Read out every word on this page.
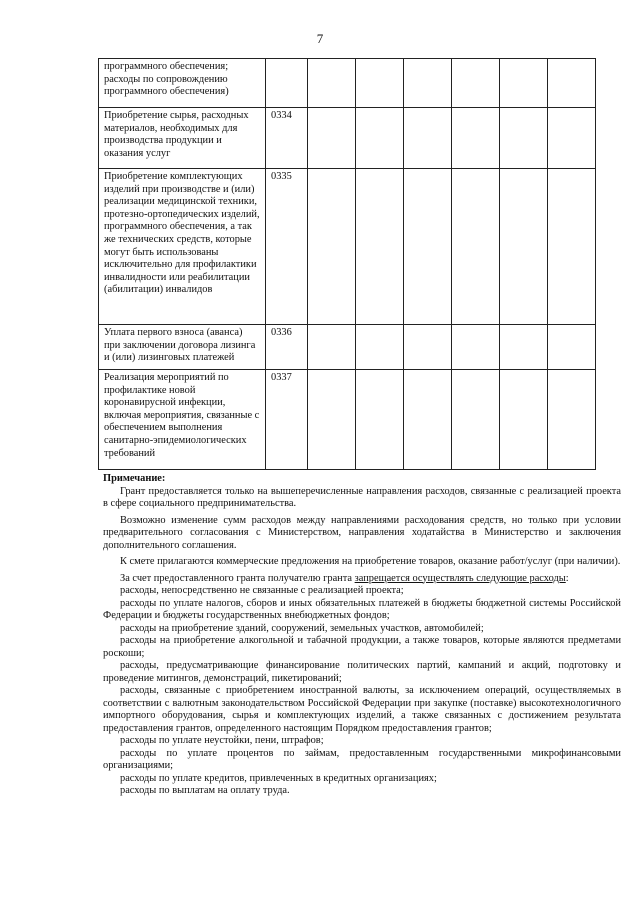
7
программного обеспечения; расходы по сопровождению программного обеспечения)							
Приобретение сырья, расходных материалов, необходимых для производства продукции и оказания услуг	0334						
Приобретение комплектующих изделий при производстве и (или) реализации медицинской техники, протезно-ортопедических изделий, программного обеспечения, а так же технических средств, которые могут быть использованы исключительно для профилактики инвалидности или реабилитации (абилитации) инвалидов	0335						
Уплата первого взноса (аванса) при заключении договора лизинга и (или) лизинговых платежей	0336						
Реализация мероприятий по профилактике новой коронавирусной инфекции, включая мероприятия, связанные с обеспечением выполнения санитарно-эпидемиологических требований	0337						

Примечание:

Грант предоставляется только на вышеперечисленные направления расходов, связанные с реализацией проекта в сфере социального предпринимательства.

Возможно изменение сумм расходов между направлениями расходования средств, но только при условии предварительного согласования с Министерством, направления ходатайства в Министерство и заключения дополнительного соглашения.

К смете прилагаются коммерческие предложения на приобретение товаров, оказание работ/услуг (при наличии).

За счет предоставленного гранта получателю гранта запрещается осуществлять следующие расходы:

расходы, непосредственно не связанные с реализацией проекта;

расходы по уплате налогов, сборов и иных обязательных платежей в бюджеты бюджетной системы Российской Федерации и бюджеты государственных внебюджетных фондов;

расходы на приобретение зданий, сооружений, земельных участков, автомобилей;

расходы на приобретение алкогольной и табачной продукции, а также товаров, которые являются предметами роскоши;

расходы, предусматривающие финансирование политических партий, кампаний и акций, подготовку и проведение митингов, демонстраций, пикетирований;

расходы, связанные с приобретением иностранной валюты, за исключением операций, осуществляемых в соответствии с валютным законодательством Российской Федерации при закупке (поставке) высокотехнологичного импортного оборудования, сырья и комплектующих изделий, а также связанных с достижением результата предоставления грантов, определенного настоящим Порядком предоставления грантов;

расходы по уплате неустойки, пени, штрафов;

расходы по уплате процентов по займам, предоставленным государственными микрофинансовыми организациями;

расходы по уплате кредитов, привлеченных в кредитных организациях;

расходы по выплатам на оплату труда.
